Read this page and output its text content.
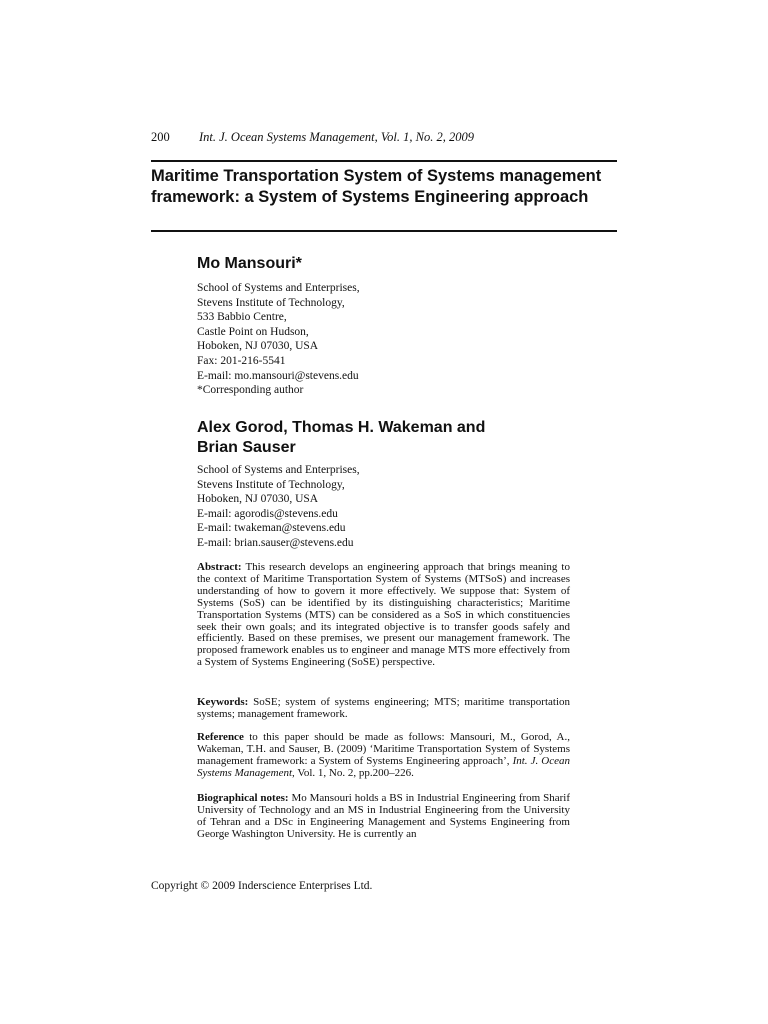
200 Int. J. Ocean Systems Management, Vol. 1, No. 2, 2009
Maritime Transportation System of Systems management framework: a System of Systems Engineering approach
Mo Mansouri*
School of Systems and Enterprises,
Stevens Institute of Technology,
533 Babbio Centre,
Castle Point on Hudson,
Hoboken, NJ 07030, USA
Fax: 201-216-5541
E-mail: mo.mansouri@stevens.edu
*Corresponding author
Alex Gorod, Thomas H. Wakeman and Brian Sauser
School of Systems and Enterprises,
Stevens Institute of Technology,
Hoboken, NJ 07030, USA
E-mail: agorodis@stevens.edu
E-mail: twakeman@stevens.edu
E-mail: brian.sauser@stevens.edu

Abstract: This research develops an engineering approach that brings meaning to the context of Maritime Transportation System of Systems (MTSoS) and increases understanding of how to govern it more effectively. We suppose that: System of Systems (SoS) can be identified by its distinguishing characteristics; Maritime Transportation Systems (MTS) can be considered as a SoS in which constituencies seek their own goals; and its integrated objective is to transfer goods safely and efficiently. Based on these premises, we present our management framework. The proposed framework enables us to engineer and manage MTS more effectively from a System of Systems Engineering (SoSE) perspective.

Keywords: SoSE; system of systems engineering; MTS; maritime transportation systems; management framework.

Reference to this paper should be made as follows: Mansouri, M., Gorod, A., Wakeman, T.H. and Sauser, B. (2009) ‘Maritime Transportation System of Systems management framework: a System of Systems Engineering approach’, Int. J. Ocean Systems Management, Vol. 1, No. 2, pp.200–226.

Biographical notes: Mo Mansouri holds a BS in Industrial Engineering from Sharif University of Technology and an MS in Industrial Engineering from the University of Tehran and a DSc in Engineering Management and Systems Engineering from George Washington University. He is currently an

Copyright © 2009 Inderscience Enterprises Ltd.
